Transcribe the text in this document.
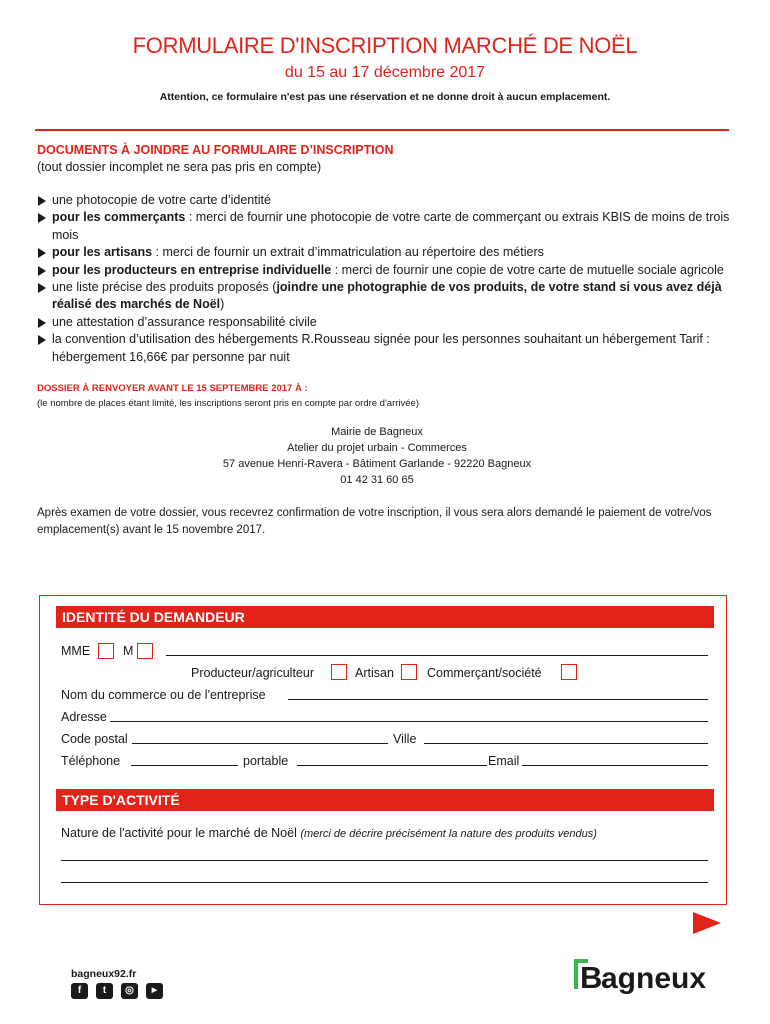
FORMULAIRE D'INSCRIPTION MARCHÉ DE NOËL
du 15 au 17 décembre 2017
Attention, ce formulaire n'est pas une réservation et ne donne droit à aucun emplacement.
DOCUMENTS À JOINDRE AU FORMULAIRE D’INSCRIPTION
(tout dossier incomplet ne sera pas pris en compte)
une photocopie de votre carte d’identité
pour les commerçants : merci de fournir une photocopie de votre carte de commerçant ou extrais KBIS de moins de trois mois
pour les artisans : merci de fournir un extrait d’immatriculation au répertoire des métiers
pour les producteurs en entreprise individuelle : merci de fournir une copie de votre carte de mutuelle sociale agricole
une liste précise des produits proposés (joindre une photographie de vos produits, de votre stand si vous avez déjà réalisé des marchés de Noël)
une attestation d’assurance responsabilité civile
la convention d’utilisation des hébergements R.Rousseau signée pour les personnes souhaitant un hébergement Tarif : hébergement 16,66€ par personne par nuit
DOSSIER À RENVOYER AVANT LE 15 SEPTEMBRE 2017 À :
(le nombre de places étant limité, les inscriptions seront pris en compte par ordre d'arrivée)
Mairie de Bagneux
Atelier du projet urbain - Commerces
57 avenue Henri-Ravera - Bâtiment Garlande - 92220 Bagneux
01 42 31 60 65
Après examen de votre dossier, vous recevrez confirmation de votre inscription, il vous sera alors demandé le paiement de votre/vos emplacement(s) avant le 15 novembre 2017.
IDENTITÉ DU DEMANDEUR
MME	M
Producteur/agriculteur	Artisan	Commerçant/société
Nom du commerce ou de l'entreprise
Adresse
Code postal	Ville
Téléphone	portable	Email
TYPE D'ACTIVITÉ
Nature de l'activité pour le marché de Noël (merci de décrire précisément la nature des produits vendus)
bagneux92.fr
f	t	◎	▶	B
agneux
